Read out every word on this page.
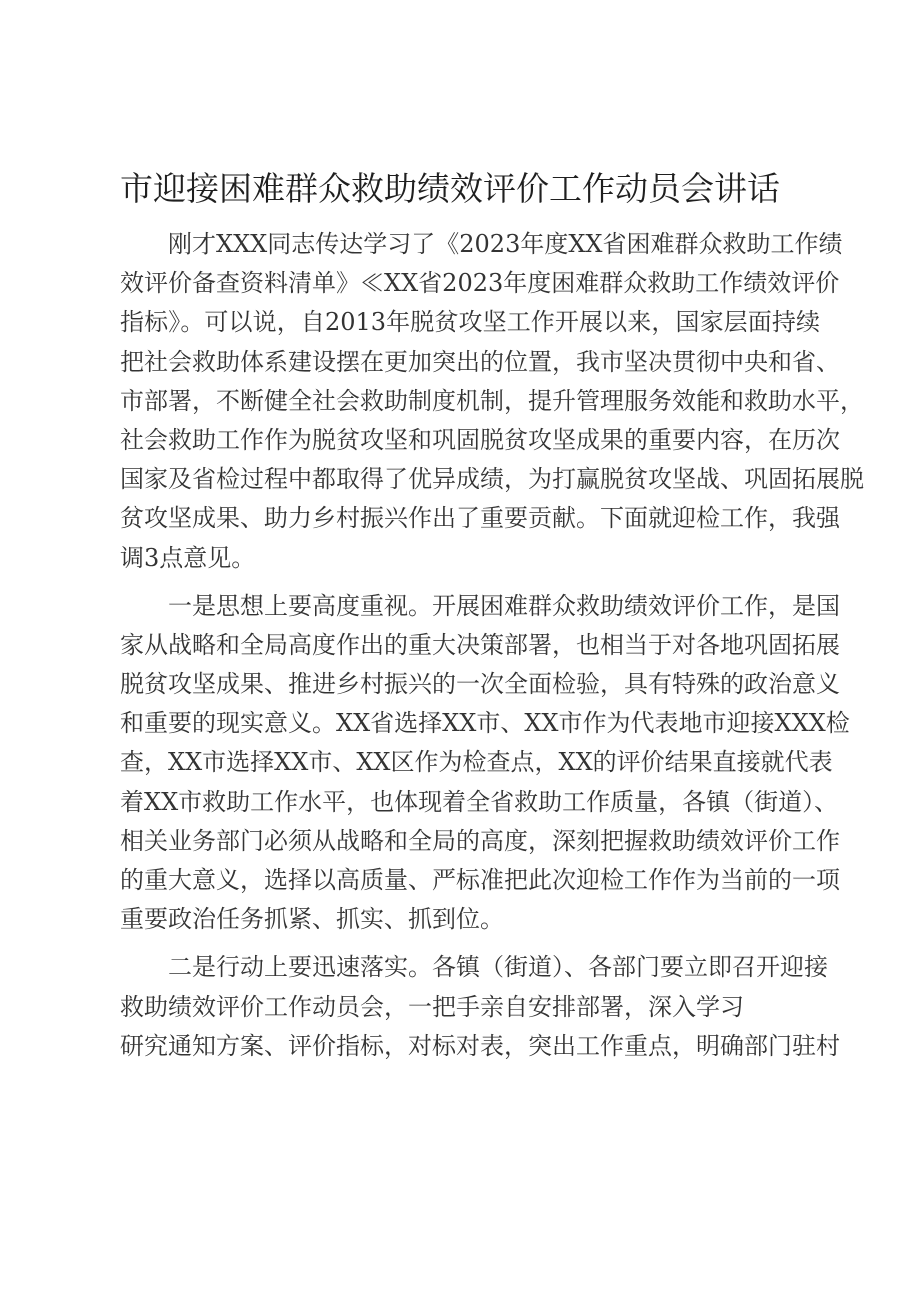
市迎接困难群众救助绩效评价工作动员会讲话
刚才XXX同志传达学习了《2023年度XX省困难群众救助工作绩
效评价备查资料清单》≪XX省2023年度困难群众救助工作绩效评价
指标》。可以说，自2013年脱贫攻坚工作开展以来，国家层面持续
把社会救助体系建设摆在更加突出的位置，我市坚决贯彻中央和省、
市部署，不断健全社会救助制度机制，提升管理服务效能和救助水平，
社会救助工作作为脱贫攻坚和巩固脱贫攻坚成果的重要内容，在历次
国家及省检过程中都取得了优异成绩，为打赢脱贫攻坚战、巩固拓展脱
贫攻坚成果、助力乡村振兴作出了重要贡献。下面就迎检工作，我强
调3点意见。
一是思想上要高度重视。开展困难群众救助绩效评价工作，是国
家从战略和全局高度作出的重大决策部署，也相当于对各地巩固拓展
脱贫攻坚成果、推进乡村振兴的一次全面检验，具有特殊的政治意义
和重要的现实意义。XX省选择XX市、XX市作为代表地市迎接XXX检
查，XX市选择XX市、XX区作为检查点，XX的评价结果直接就代表
着XX市救助工作水平，也体现着全省救助工作质量，各镇（街道）、
相关业务部门必须从战略和全局的高度，深刻把握救助绩效评价工作
的重大意义，选择以高质量、严标准把此次迎检工作作为当前的一项
重要政治任务抓紧、抓实、抓到位。
二是行动上要迅速落实。各镇（街道）、各部门要立即召开迎接
救助绩效评价工作动员会，一把手亲自安排部署，深入学习
研究通知方案、评价指标，对标对表，突出工作重点，明确部门驻村
